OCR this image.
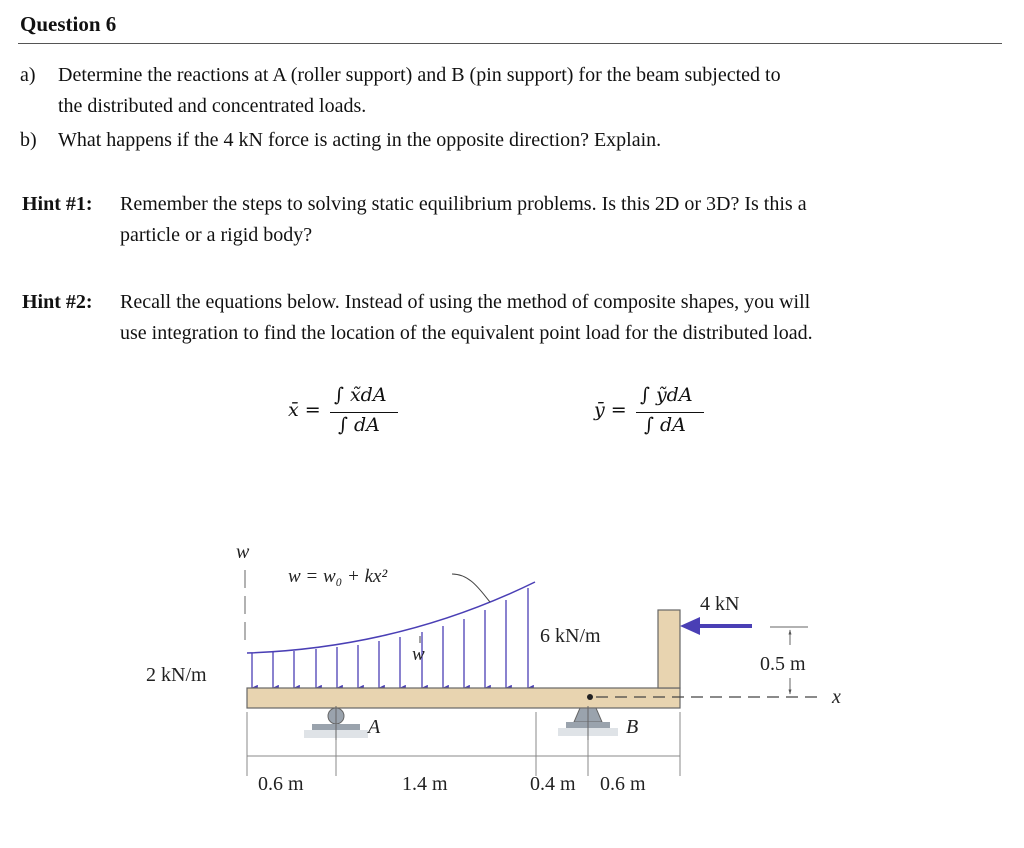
Question 6
a) Determine the reactions at A (roller support) and B (pin support) for the beam subjected to
the distributed and concentrated loads.
b) What happens if the 4 kN force is acting in the opposite direction? Explain.
Hint #1: Remember the steps to solving static equilibrium problems. Is this 2D or 3D? Is this a
particle or a rigid body?
Hint #2: Recall the equations below. Instead of using the method of composite shapes, you will
use integration to find the location of the equivalent point load for the distributed load.
x̄ =
∫ x̃dA
∫ dA
ȳ =
∫ ỹdA
∫ dA
w
w = w₀ + kx²
w
2 kN/m
6 kN/m
4 kN
x
0.5 m
A	B
0.6 m	1.4 m	0.4 m 0.6 m
